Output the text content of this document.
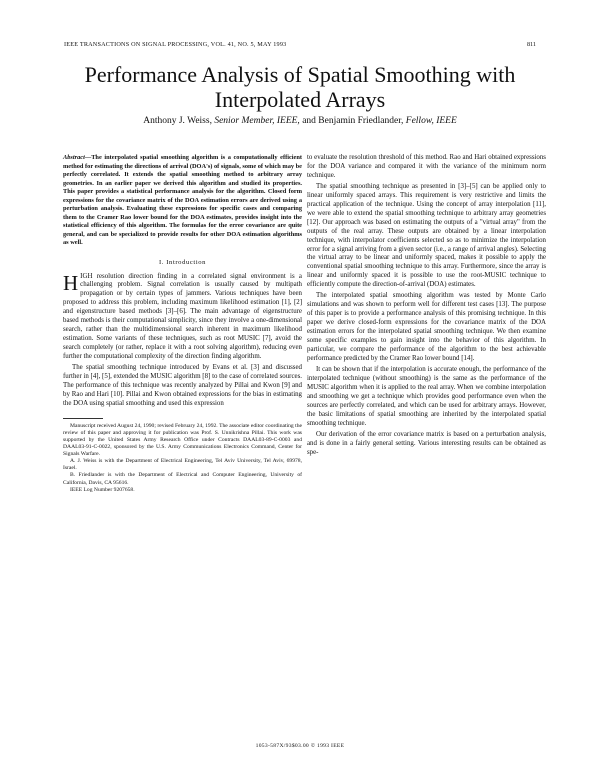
IEEE TRANSACTIONS ON SIGNAL PROCESSING, VOL. 41, NO. 5, MAY 1993	811
Performance Analysis of Spatial Smoothing with Interpolated Arrays
Anthony J. Weiss, Senior Member, IEEE, and Benjamin Friedlander, Fellow, IEEE

Abstract—The interpolated spatial smoothing algorithm is a computationally efficient method for estimating the directions of arrival (DOA's) of signals, some of which may be perfectly correlated. It extends the spatial smoothing method to arbitrary array geometries. In an earlier paper we derived this algorithm and studied its properties. This paper provides a statistical performance analysis for the algorithm. Closed form expressions for the covariance matrix of the DOA estimation errors are derived using a perturbation analysis. Evaluating these expressions for specific cases and comparing them to the Cramer Rao lower bound for the DOA estimates, provides insight into the statistical efficiency of this algorithm. The formulas for the error covariance are quite general, and can be specialized to provide results for other DOA estimation algorithms as well.

I. Introduction

HIGH resolution direction finding in a correlated signal environment is a challenging problem. Signal correlation is usually caused by multipath propagation or by certain types of jammers. Various techniques have been proposed to address this problem, including maximum likelihood estimation [1], [2] and eigenstructure based methods [3]–[6]. The main advantage of eigenstructure based methods is their computational simplicity, since they involve a one-dimensional search, rather than the multidimensional search inherent in maximum likelihood estimation. Some variants of these techniques, such as root MUSIC [7], avoid the search completely (or rather, replace it with a root solving algorithm), reducing even further the computational complexity of the direction finding algorithm.

The spatial smoothing technique introduced by Evans et al. [3] and discussed further in [4], [5], extended the MUSIC algorithm [8] to the case of correlated sources. The performance of this technique was recently analyzed by Pillai and Kwon [9] and by Rao and Hari [10]. Pillai and Kwon obtained expressions for the bias in estimating the DOA using spatial smoothing and used this expression

Manuscript received August 24, 1990; revised February 24, 1992. The associate editor coordinating the review of this paper and approving it for publication was Prof. S. Unnikrishna Pillai. This work was supported by the United States Army Research Office under Contracts DAAL03-89-C-0003 and DAAL03-91-C-0022, sponsored by the U.S. Army Communications Electronics Command, Center for Signals Warfare.

A. J. Weiss is with the Department of Electrical Engineering, Tel Aviv University, Tel Aviv, 69978, Israel.

B. Friedlander is with the Department of Electrical and Computer Engineering, University of California, Davis, CA 95616.

IEEE Log Number 9207658.

to evaluate the resolution threshold of this method. Rao and Hari obtained expressions for the DOA variance and compared it with the variance of the minimum norm technique.

The spatial smoothing technique as presented in [3]–[5] can be applied only to linear uniformly spaced arrays. This requirement is very restrictive and limits the practical application of the technique. Using the concept of array interpolation [11], we were able to extend the spatial smoothing technique to arbitrary array geometries [12]. Our approach was based on estimating the outputs of a "virtual array" from the outputs of the real array. These outputs are obtained by a linear interpolation technique, with interpolator coefficients selected so as to minimize the interpolation error for a signal arriving from a given sector (i.e., a range of arrival angles). Selecting the virtual array to be linear and uniformly spaced, makes it possible to apply the conventional spatial smoothing technique to this array. Furthermore, since the array is linear and uniformly spaced it is possible to use the root-MUSIC technique to efficiently compute the direction-of-arrival (DOA) estimates.

The interpolated spatial smoothing algorithm was tested by Monte Carlo simulations and was shown to perform well for different test cases [13]. The purpose of this paper is to provide a performance analysis of this promising technique. In this paper we derive closed-form expressions for the covariance matrix of the DOA estimation errors for the interpolated spatial smoothing technique. We then examine some specific examples to gain insight into the behavior of this algorithm. In particular, we compare the performance of the algorithm to the best achievable performance predicted by the Cramer Rao lower bound [14].

It can be shown that if the interpolation is accurate enough, the performance of the interpolated technique (without smoothing) is the same as the performance of the MUSIC algorithm when it is applied to the real array. When we combine interpolation and smoothing we get a technique which provides good performance even when the sources are perfectly correlated, and which can be used for arbitrary arrays. However, the basic limitations of spatial smoothing are inherited by the interpolated spatial smoothing technique.

Our derivation of the error covariance matrix is based on a perturbation analysis, and is done in a fairly general setting. Various interesting results can be obtained as spe-

1053-587X/93$03.00 © 1993 IEEE
